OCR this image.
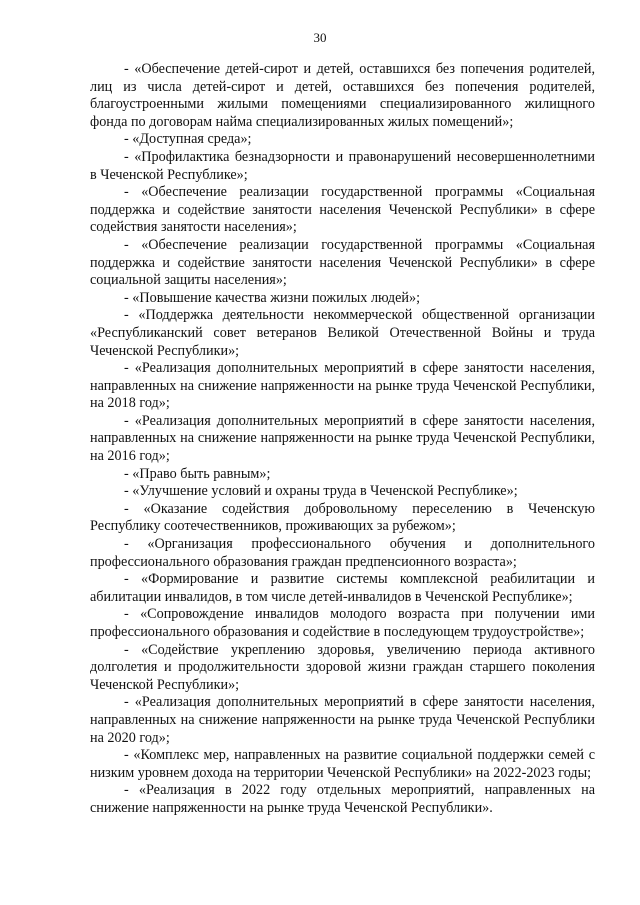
30

- «Обеспечение детей-сирот и детей, оставшихся без попечения родителей, лиц из числа детей-сирот и детей, оставшихся без попечения родителей, благоустроенными жилыми помещениями специализированного жилищного фонда по договорам найма специализированных жилых помещений»;

- «Доступная среда»;

- «Профилактика безнадзорности и правонарушений несовершеннолетними в Чеченской Республике»;

- «Обеспечение реализации государственной программы «Социальная поддержка и содействие занятости населения Чеченской Республики» в сфере содействия занятости населения»;

- «Обеспечение реализации государственной программы «Социальная поддержка и содействие занятости населения Чеченской Республики» в сфере социальной защиты населения»;

- «Повышение качества жизни пожилых людей»;

- «Поддержка деятельности некоммерческой общественной организации «Республиканский совет ветеранов Великой Отечественной Войны и труда Чеченской Республики»;

- «Реализация дополнительных мероприятий в сфере занятости населения, направленных на снижение напряженности на рынке труда Чеченской Республики, на 2018 год»;

- «Реализация дополнительных мероприятий в сфере занятости населения, направленных на снижение напряженности на рынке труда Чеченской Республики, на 2016 год»;

- «Право быть равным»;

- «Улучшение условий и охраны труда в Чеченской Республике»;

- «Оказание содействия добровольному переселению в Чеченскую Республику соотечественников, проживающих за рубежом»;

- «Организация профессионального обучения и дополнительного профессионального образования граждан предпенсионного возраста»;

- «Формирование и развитие системы комплексной реабилитации и абилитации инвалидов, в том числе детей-инвалидов в Чеченской Республике»;

- «Сопровождение инвалидов молодого возраста при получении ими профессионального образования и содействие в последующем трудоустройстве»;

- «Содействие укреплению здоровья, увеличению периода активного долголетия и продолжительности здоровой жизни граждан старшего поколения Чеченской Республики»;

- «Реализация дополнительных мероприятий в сфере занятости населения, направленных на снижение напряженности на рынке труда Чеченской Республики на 2020 год»;

- «Комплекс мер, направленных на развитие социальной поддержки семей с низким уровнем дохода на территории Чеченской Республики» на 2022-2023 годы;

- «Реализация в 2022 году отдельных мероприятий, направленных на снижение напряженности на рынке труда Чеченской Республики».
